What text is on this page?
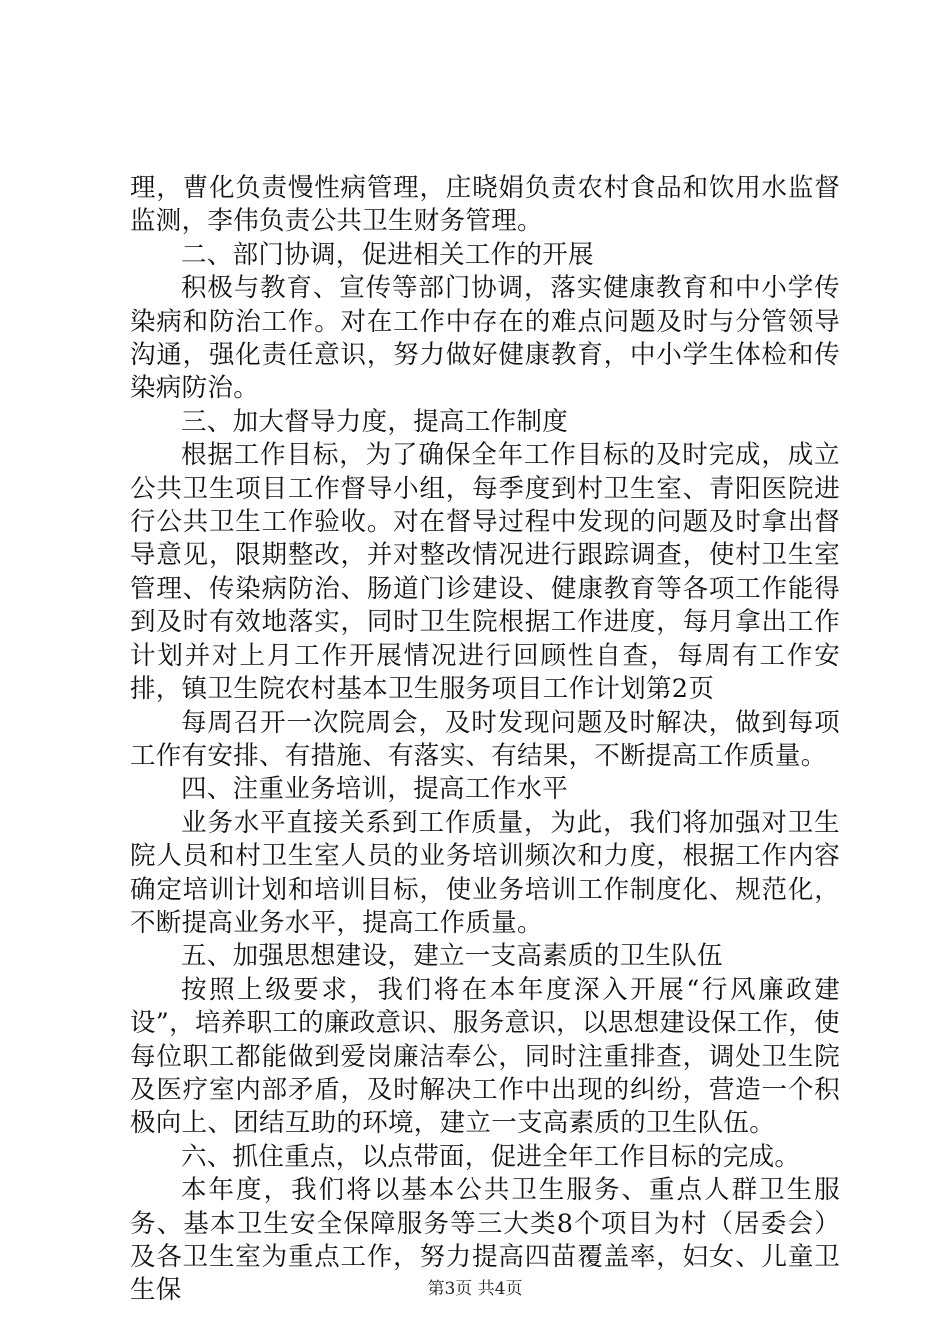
理，曹化负责慢性病管理，庄晓娟负责农村食品和饮用水监督监测，李伟负责公共卫生财务管理。

二、部门协调，促进相关工作的开展

积极与教育、宣传等部门协调，落实健康教育和中小学传染病和防治工作。对在工作中存在的难点问题及时与分管领导沟通，强化责任意识，努力做好健康教育，中小学生体检和传染病防治。

三、加大督导力度，提高工作制度

根据工作目标，为了确保全年工作目标的及时完成，成立公共卫生项目工作督导小组，每季度到村卫生室、青阳医院进行公共卫生工作验收。对在督导过程中发现的问题及时拿出督导意见，限期整改，并对整改情况进行跟踪调查，使村卫生室管理、传染病防治、肠道门诊建设、健康教育等各项工作能得到及时有效地落实，同时卫生院根据工作进度，每月拿出工作计划并对上月工作开展情况进行回顾性自查，每周有工作安排，镇卫生院农村基本卫生服务项目工作计划第2页

每周召开一次院周会，及时发现问题及时解决，做到每项工作有安排、有措施、有落实、有结果，不断提高工作质量。

四、注重业务培训，提高工作水平

业务水平直接关系到工作质量，为此，我们将加强对卫生院人员和村卫生室人员的业务培训频次和力度，根据工作内容确定培训计划和培训目标，使业务培训工作制度化、规范化，不断提高业务水平，提高工作质量。

五、加强思想建设，建立一支高素质的卫生队伍

按照上级要求，我们将在本年度深入开展“行风廉政建设”，培养职工的廉政意识、服务意识，以思想建设保工作，使每位职工都能做到爱岗廉洁奉公，同时注重排查，调处卫生院及医疗室内部矛盾，及时解决工作中出现的纠纷，营造一个积极向上、团结互助的环境，建立一支高素质的卫生队伍。

六、抓住重点，以点带面，促进全年工作目标的完成。

本年度，我们将以基本公共卫生服务、重点人群卫生服务、基本卫生安全保障服务等三大类8个项目为村（居委会）及各卫生室为重点工作，努力提高四苗覆盖率，妇女、儿童卫生保	第3页 共4页
